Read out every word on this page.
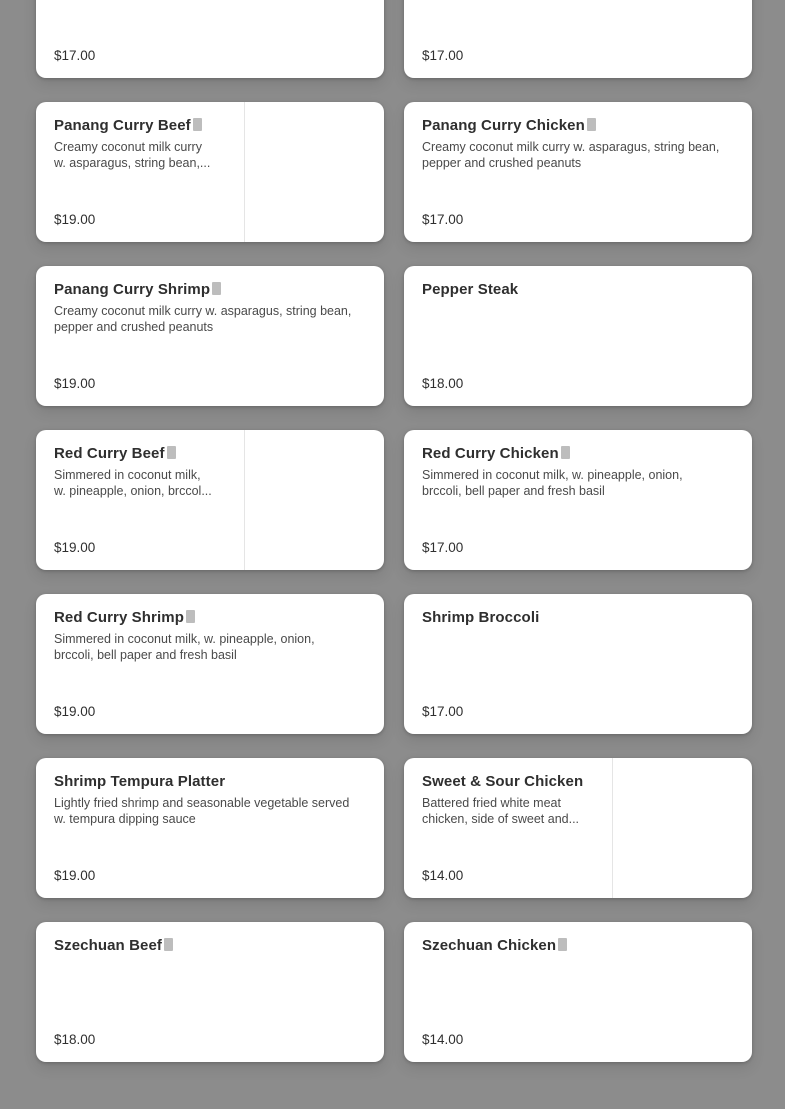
$17.00	$17.00
Panang Curry Beef
Creamy coconut milk curry
w. asparagus, string bean,...
$19.00
Panang Curry Chicken
Creamy coconut milk curry w. asparagus, string bean, pepper and crushed peanuts
$17.00
Panang Curry Shrimp
Creamy coconut milk curry w. asparagus, string bean, pepper and crushed peanuts
$19.00
Pepper Steak
$18.00
Red Curry Beef
Simmered in coconut milk,
w. pineapple, onion, brccol...
$19.00
Red Curry Chicken
Simmered in coconut milk, w. pineapple, onion, brccoli, bell paper and fresh basil
$17.00
Red Curry Shrimp
Simmered in coconut milk, w. pineapple, onion, brccoli, bell paper and fresh basil
$19.00
Shrimp Broccoli
$17.00
Shrimp Tempura Platter
Lightly fried shrimp and seasonable vegetable served w. tempura dipping sauce
$19.00
Sweet & Sour Chicken
Battered fried white meat
chicken, side of sweet and...
$14.00
Szechuan Beef
$18.00
Szechuan Chicken
$14.00
